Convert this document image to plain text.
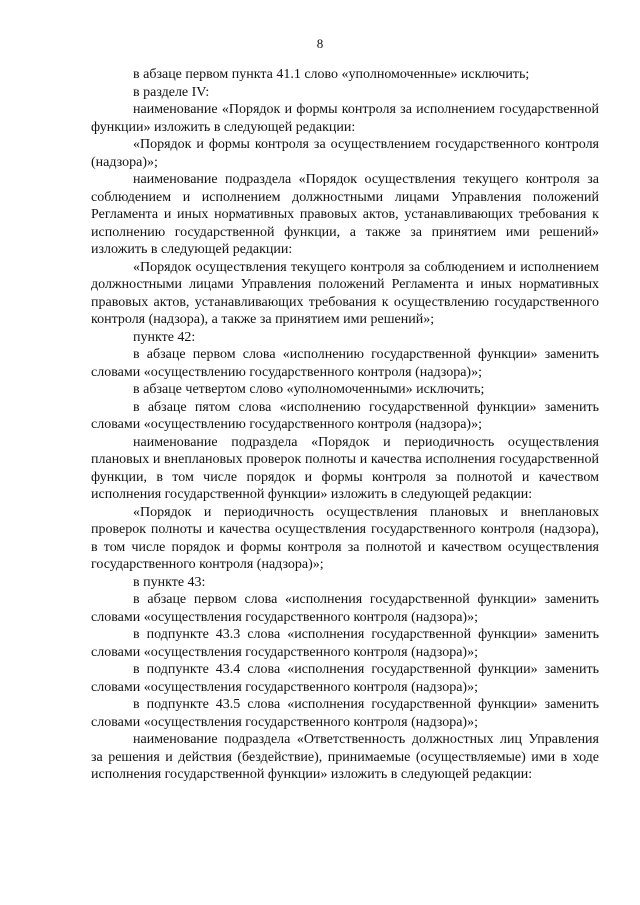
8

в абзаце первом пункта 41.1 слово «уполномоченные» исключить;

в разделе IV:

наименование «Порядок и формы контроля за исполнением государственной функции» изложить в следующей редакции:

«Порядок и формы контроля за осуществлением государственного контроля (надзора)»;

наименование подраздела «Порядок осуществления текущего контроля за соблюдением и исполнением должностными лицами Управления положений Регламента и иных нормативных правовых актов, устанавливающих требования к исполнению государственной функции, а также за принятием ими решений» изложить в следующей редакции:

«Порядок осуществления текущего контроля за соблюдением и исполнением должностными лицами Управления положений Регламента и иных нормативных правовых актов, устанавливающих требования к осуществлению государственного контроля (надзора), а также за принятием ими решений»;

пункте 42:

в абзаце первом слова «исполнению государственной функции» заменить словами «осуществлению государственного контроля (надзора)»;

в абзаце четвертом слово «уполномоченными» исключить;

в абзаце пятом слова «исполнению государственной функции» заменить словами «осуществлению государственного контроля (надзора)»;

наименование подраздела «Порядок и периодичность осуществления плановых и внеплановых проверок полноты и качества исполнения государственной функции, в том числе порядок и формы контроля за полнотой и качеством исполнения государственной функции» изложить в следующей редакции:

«Порядок и периодичность осуществления плановых и внеплановых проверок полноты и качества осуществления государственного контроля (надзора), в том числе порядок и формы контроля за полнотой и качеством осуществления государственного контроля (надзора)»;

в пункте 43:

в абзаце первом слова «исполнения государственной функции» заменить словами «осуществления государственного контроля (надзора)»;

в подпункте 43.3 слова «исполнения государственной функции» заменить словами «осуществления государственного контроля (надзора)»;

в подпункте 43.4 слова «исполнения государственной функции» заменить словами «осуществления государственного контроля (надзора)»;

в подпункте 43.5 слова «исполнения государственной функции» заменить словами «осуществления государственного контроля (надзора)»;

наименование подраздела «Ответственность должностных лиц Управления за решения и действия (бездействие), принимаемые (осуществляемые) ими в ходе исполнения государственной функции» изложить в следующей редакции:
